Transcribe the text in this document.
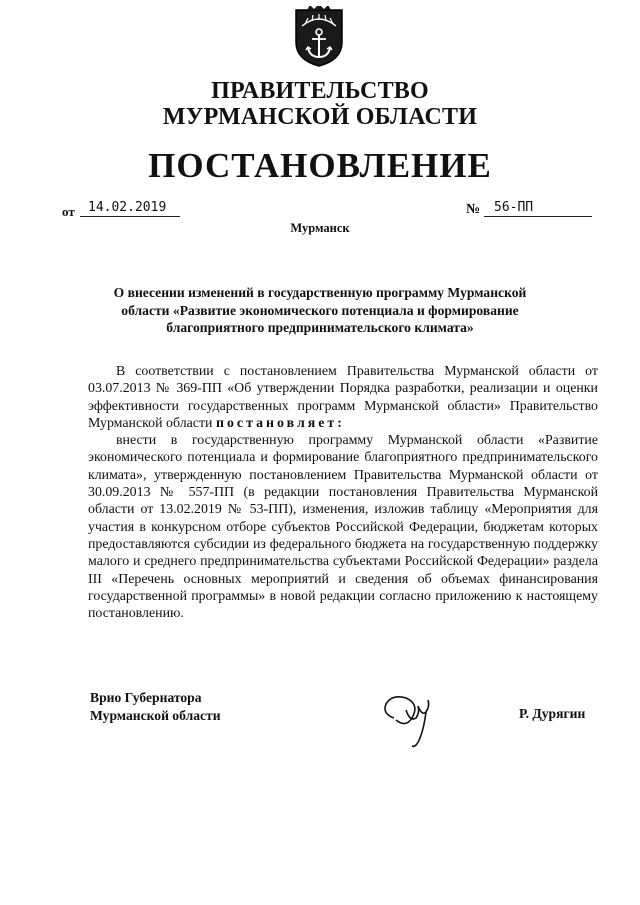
ПРАВИТЕЛЬСТВО
МУРМАНСКОЙ ОБЛАСТИ
ПОСТАНОВЛЕНИЕ
от	14.02.2019	№	56-ПП
Мурманск
О внесении изменений в государственную программу Мурманской области «Развитие экономического потенциала и формирование благоприятного предпринимательского климата»

В соответствии с постановлением Правительства Мурманской области от 03.07.2013 № 369-ПП «Об утверждении Порядка разработки, реализации и оценки эффективности государственных программ Мурманской области» Правительство Мурманской области постановляет:

внести в государственную программу Мурманской области «Развитие экономического потенциала и формирование благоприятного предпринимательского климата», утвержденную постановлением Правительства Мурманской области от 30.09.2013 № 557-ПП (в редакции постановления Правительства Мурманской области от 13.02.2019 № 53-ПП), изменения, изложив таблицу «Мероприятия для участия в конкурсном отборе субъектов Российской Федерации, бюджетам которых предоставляются субсидии из федерального бюджета на государственную поддержку малого и среднего предпринимательства субъектами Российской Федерации» раздела III «Перечень основных мероприятий и сведения об объемах финансирования государственной программы» в новой редакции согласно приложению к настоящему постановлению.

Врио Губернатора
Мурманской области	Р. Дурягин
